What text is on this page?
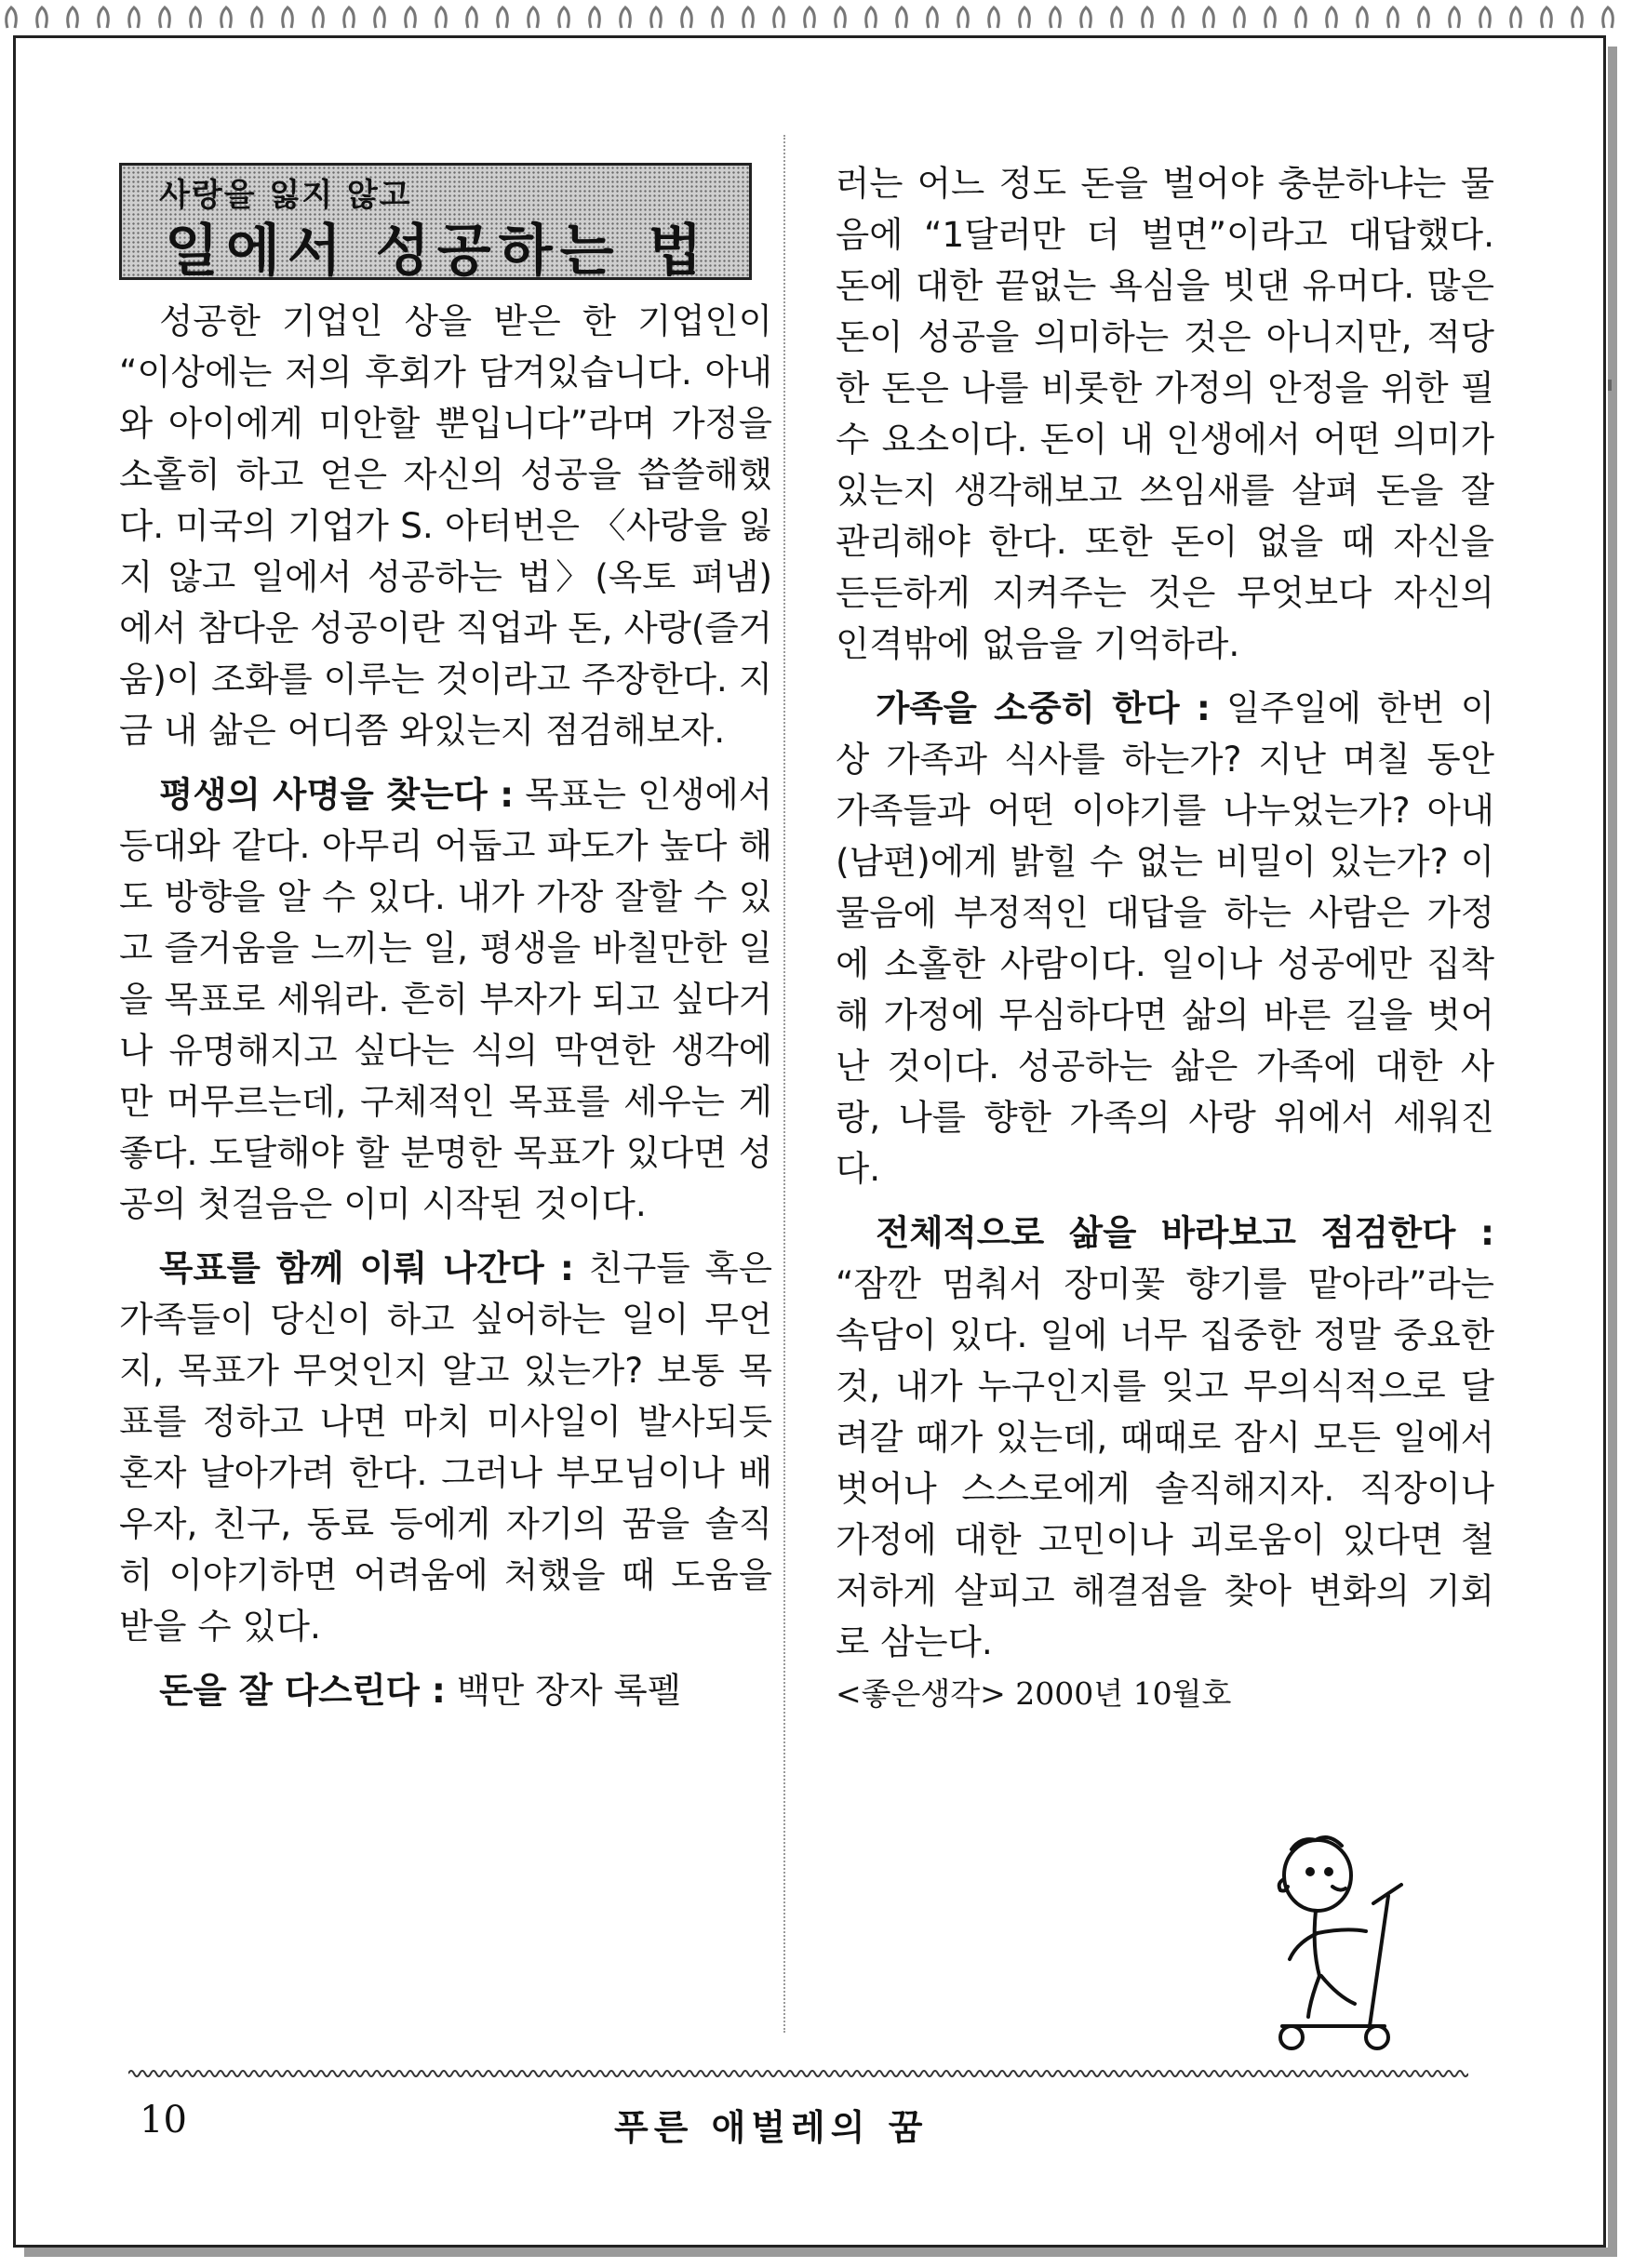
사랑을 잃지 않고
일에서 성공하는 법

성공한 기업인 상을 받은 한 기업인이 “이상에는 저의 후회가 담겨있습니다. 아내와 아이에게 미안할 뿐입니다”라며 가정을 소홀히 하고 얻은 자신의 성공을 씁쓸해했다. 미국의 기업가 S. 아터번은 〈사랑을 잃지 않고 일에서 성공하는 법〉(옥토 펴냄)에서 참다운 성공이란 직업과 돈, 사랑(즐거움)이 조화를 이루는 것이라고 주장한다. 지금 내 삶은 어디쯤 와있는지 점검해보자.

평생의 사명을 찾는다 : 목표는 인생에서 등대와 같다. 아무리 어둡고 파도가 높다 해도 방향을 알 수 있다. 내가 가장 잘할 수 있고 즐거움을 느끼는 일, 평생을 바칠만한 일을 목표로 세워라. 흔히 부자가 되고 싶다거나 유명해지고 싶다는 식의 막연한 생각에만 머무르는데, 구체적인 목표를 세우는 게 좋다. 도달해야 할 분명한 목표가 있다면 성공의 첫걸음은 이미 시작된 것이다.

목표를 함께 이뤄 나간다 : 친구들 혹은 가족들이 당신이 하고 싶어하는 일이 무언지, 목표가 무엇인지 알고 있는가? 보통 목표를 정하고 나면 마치 미사일이 발사되듯 혼자 날아가려 한다. 그러나 부모님이나 배우자, 친구, 동료 등에게 자기의 꿈을 솔직히 이야기하면 어려움에 처했을 때 도움을 받을 수 있다.

돈을 잘 다스린다 : 백만 장자 록펠

러는 어느 정도 돈을 벌어야 충분하냐는 물음에 “1달러만 더 벌면”이라고 대답했다. 돈에 대한 끝없는 욕심을 빗댄 유머다. 많은 돈이 성공을 의미하는 것은 아니지만, 적당한 돈은 나를 비롯한 가정의 안정을 위한 필수 요소이다. 돈이 내 인생에서 어떤 의미가 있는지 생각해보고 쓰임새를 살펴 돈을 잘 관리해야 한다. 또한 돈이 없을 때 자신을 든든하게 지켜주는 것은 무엇보다 자신의 인격밖에 없음을 기억하라.

가족을 소중히 한다 : 일주일에 한번 이상 가족과 식사를 하는가? 지난 며칠 동안 가족들과 어떤 이야기를 나누었는가? 아내(남편)에게 밝힐 수 없는 비밀이 있는가? 이 물음에 부정적인 대답을 하는 사람은 가정에 소홀한 사람이다. 일이나 성공에만 집착해 가정에 무심하다면 삶의 바른 길을 벗어난 것이다. 성공하는 삶은 가족에 대한 사랑, 나를 향한 가족의 사랑 위에서 세워진다.

전체적으로 삶을 바라보고 점검한다 : “잠깐 멈춰서 장미꽃 향기를 맡아라”라는 속담이 있다. 일에 너무 집중한 정말 중요한 것, 내가 누구인지를 잊고 무의식적으로 달려갈 때가 있는데, 때때로 잠시 모든 일에서 벗어나 스스로에게 솔직해지자. 직장이나 가정에 대한 고민이나 괴로움이 있다면 철저하게 살피고 해결점을 찾아 변화의 기회로 삼는다.

<좋은생각> 2000년 10월호

10	푸른 애벌레의 꿈
